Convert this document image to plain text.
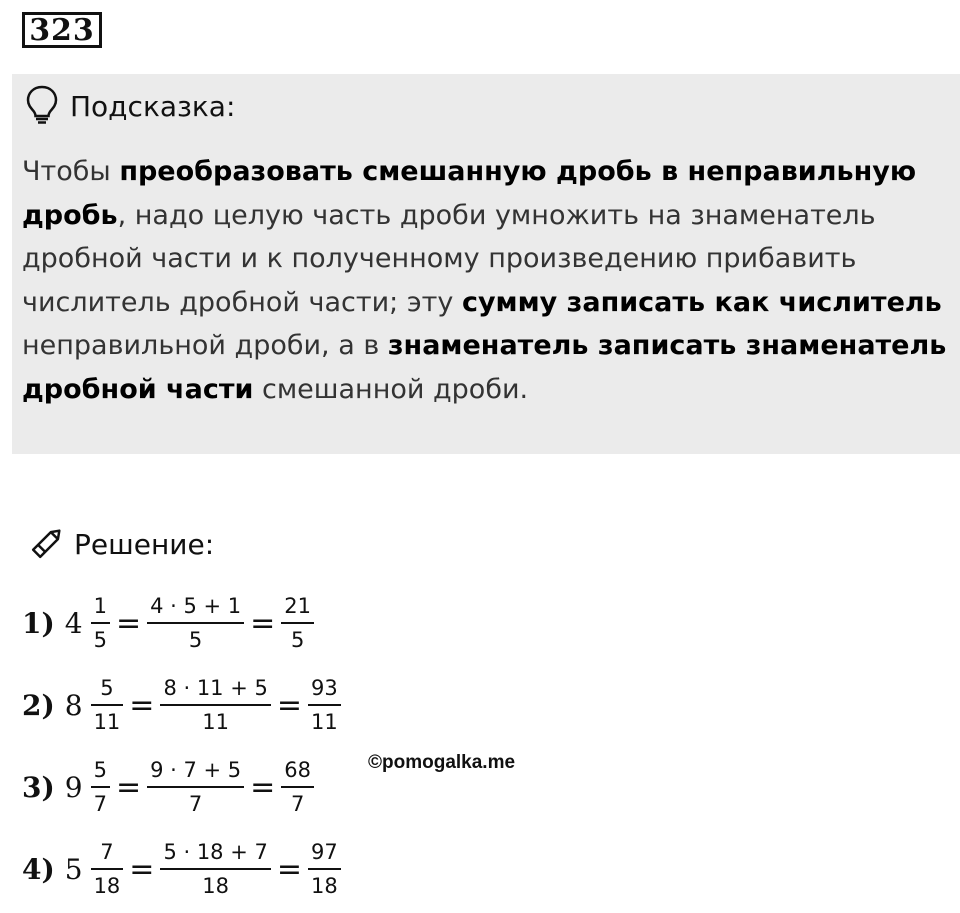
323
Подсказка:
Чтобы преобразовать смешанную дробь в неправильную дробь, надо целую часть дроби умножить на знаменатель дробной части и к полученному произведению прибавить числитель дробной части; эту сумму записать как числитель неправильной дроби, а в знаменатель записать знаменатель дробной части смешанной дроби.
Решение:
1) $4 \frac{1}{5} = \frac{4 \cdot 5 + 1}{5} = \frac{21}{5}$
2) $8 \frac{5}{11} = \frac{8 \cdot 11 + 5}{11} = \frac{93}{11}$
3) $9 \frac{5}{7} = \frac{9 \cdot 7 + 5}{7} = \frac{68}{7}$
4) $5 \frac{7}{18} = \frac{5 \cdot 18 + 7}{18} = \frac{97}{18}$
©pomogalka.me
